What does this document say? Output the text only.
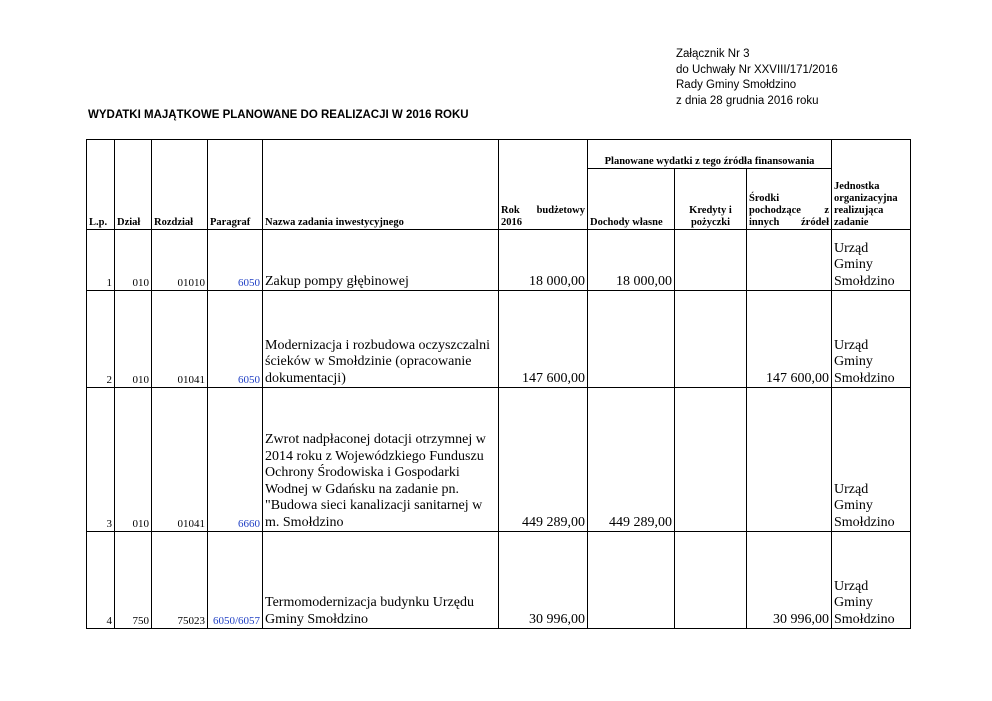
Załącznik Nr 3
do Uchwały Nr XXVIII/171/2016
Rady Gminy Smołdzino
z dnia 28 grudnia 2016 roku
WYDATKI MAJĄTKOWE PLANOWANE DO REALIZACJI W 2016 ROKU
L.p.	Dział	Rozdział	Paragraf	Nazwa zadania inwestycyjnego	Rok budżetowy 2016	Planowane wydatki z tego źródła finansowania			Jednostka organizacyjna realizująca zadanie
						Dochody własne	Kredyty i pożyczki	Środki pochodzące z innych źródeł	
1	010	01010	6050	Zakup pompy głębinowej	18 000,00	18 000,00			Urząd Gminy Smołdzino
2	010	01041	6050	Modernizacja i rozbudowa oczyszczalni ścieków w Smołdzinie (opracowanie dokumentacji)	147 600,00			147 600,00	Urząd Gminy Smołdzino
3	010	01041	6660	Zwrot nadpłaconej dotacji otrzymnej w 2014 roku z Wojewódzkiego Funduszu Ochrony Środowiska i Gospodarki Wodnej w Gdańsku na zadanie pn. "Budowa sieci kanalizacji sanitarnej w m. Smołdzino	449 289,00	449 289,00			Urząd Gminy Smołdzino
4	750	75023	6050/6057	Termomodernizacja budynku Urzędu Gminy Smołdzino	30 996,00			30 996,00	Urząd Gminy Smołdzino
